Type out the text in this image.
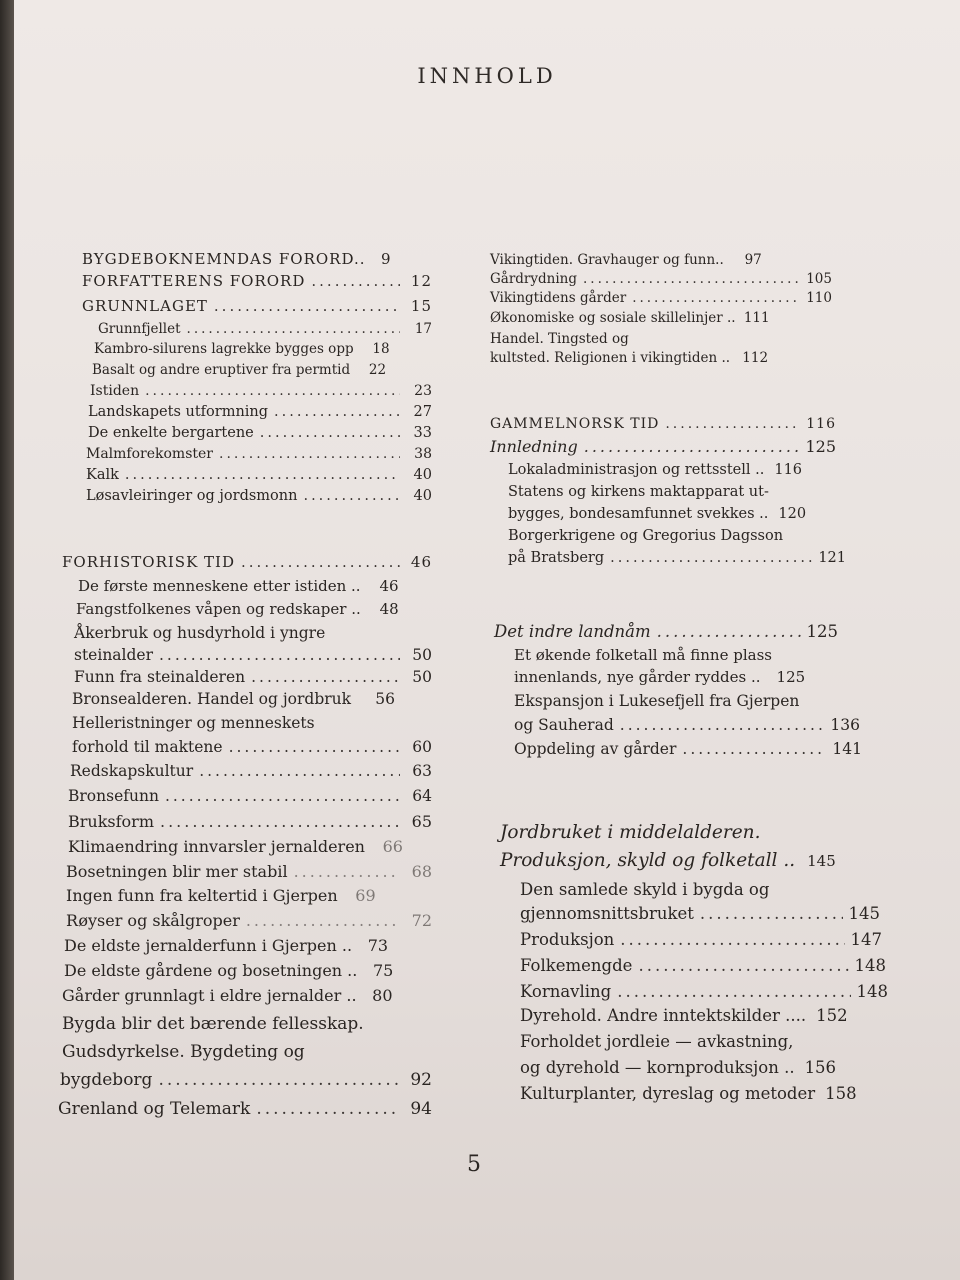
INNHOLD
BYGDEBOKNEMNDAS FORORD..	9
FORFATTERENS FORORD .....	12
GRUNNLAGET .....	15
Grunnfjellet .....	17
Kambro-silurens lagrekke bygges opp	18
Basalt og andre eruptiver fra permtid	22
Istiden .....	23
Landskapets utformning .....	27
De enkelte bergartene .....	33
Malmforekomster .....	38
Kalk .....	40
Løsavleiringer og jordsmonn .....	40
FORHISTORISK TID .....	46
De første menneskene etter istiden ..	46
Fangstfolkenes våpen og redskaper ..	48
Åkerbruk og husdyrhold i yngre
steinalder .....	50
Funn fra steinalderen .....	50
Bronsealderen. Handel og jordbruk	56
Helleristninger og menneskets
forhold til maktene .....	60
Redskapskultur .....	63
Bronsefunn .....	64
Bruksform .....	65
Klimaendring innvarsler jernalderen	66
Bosetningen blir mer stabil .....	68
Ingen funn fra keltertid i Gjerpen	69
Røyser og skålgroper .....	72
De eldste jernalderfunn i Gjerpen .. 73
De eldste gårdene og bosetningen .. 75
Gårder grunnlagt i eldre jernalder .. 80
Bygda blir det bærende fellesskap.
Gudsdyrkelse. Bygdeting og
bygdeborg .....	92
Grenland og Telemark .....	94
Vikingtiden. Gravhauger og funn..	97
Gårdrydning .....	105
Vikingtidens gårder .....	110
Økonomiske og sosiale skillelinjer .. 111
Handel. Tingsted og
kultsted. Religionen i vikingtiden .. 112
GAMMELNORSK TID .....	116
Innledning .....	125
Lokaladministrasjon og rettsstell .. 116
Statens og kirkens maktapparat ut-
bygges, bondesamfunnet svekkes .. 120
Borgerkrigene og Gregorius Dagsson
på Bratsberg .....	121
Det indre landnåm .....	125
Et økende folketall må finne plass
innenlands, nye gårder ryddes .. 125
Ekspansjon i Lukesefjell fra Gjerpen
og Sauherad .....	136
Oppdeling av gårder .....	141
Jordbruket i middelalderen.
Produksjon, skyld og folketall .. 145
Den samlede skyld i bygda og
gjennomsnittsbruket .....	145
Produksjon .....	147
Folkemengde .....	148
Kornavling .....	148
Dyrehold. Andre inntektskilder .... 152
Forholdet jordleie — avkastning,
og dyrehold — kornproduksjon .. 156
Kulturplanter, dyreslag og metoder 158
5
